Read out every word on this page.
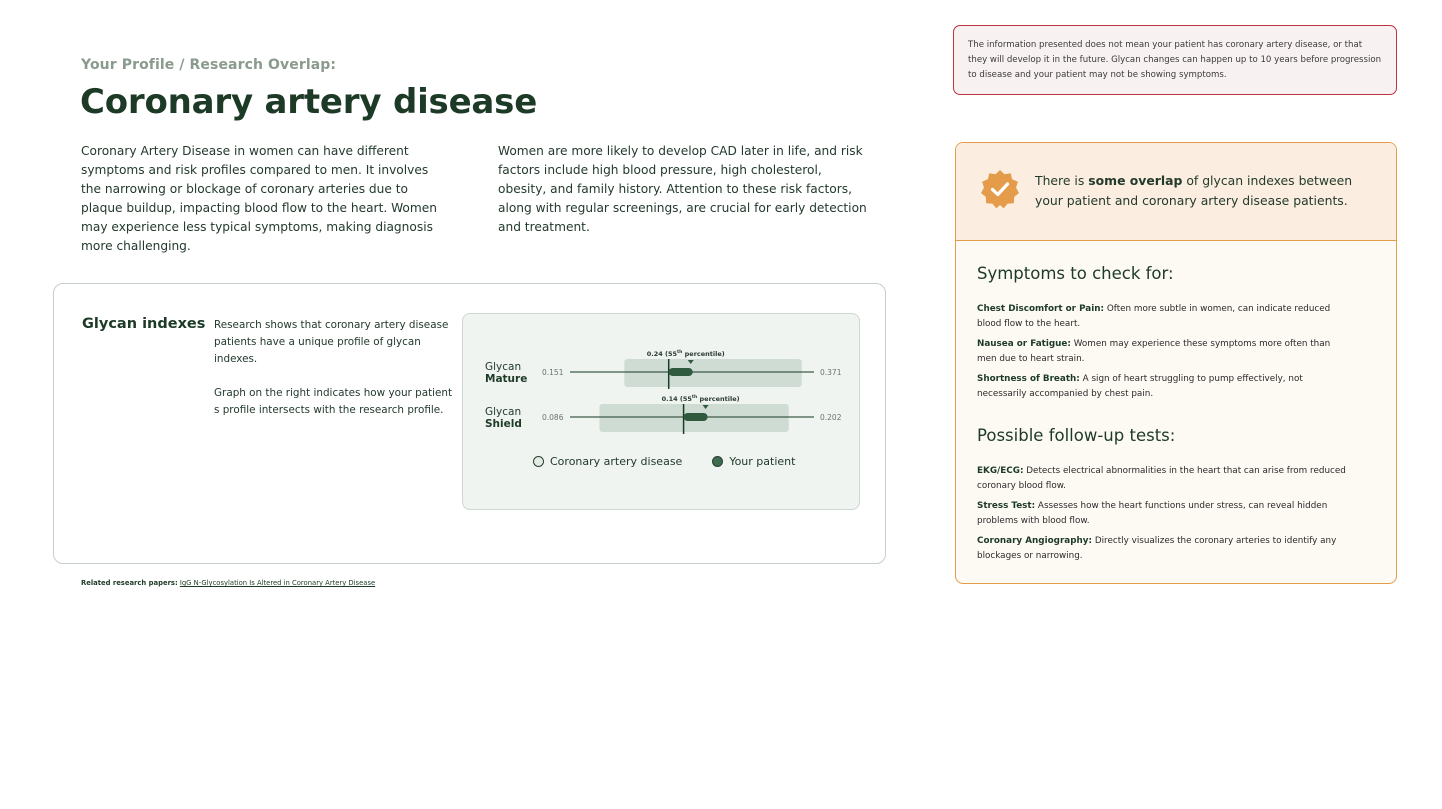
Your Profile / Research Overlap:
Coronary artery disease

Coronary Artery Disease in women can have different symptoms and risk profiles compared to men. It involves the narrowing or blockage of coronary arteries due to plaque buildup, impacting blood flow to the heart. Women may experience less typical symptoms, making diagnosis more challenging.

Women are more likely to develop CAD later in life, and risk factors include high blood pressure, high cholesterol, obesity, and family history. Attention to these risk factors, along with regular screenings, are crucial for early detection and treatment.

Glycan indexes Research shows that coronary artery disease patients have a unique profile of glycan indexes.

Graph on the right indicates how your patient s profile intersects with the research profile.

Glycan
Mature
0.151	0.371
0.24 (55th percentile)
Glycan
Shield
0.086	0.202
0.14 (55th percentile)
Coronary artery disease	Your patient
Related research papers: IgG N-Glycosylation Is Altered in Coronary Artery Disease
The information presented does not mean your patient has coronary artery disease, or that they will develop it in the future. Glycan changes can happen up to 10 years before progression to disease and your patient may not be showing symptoms.
There is some overlap of glycan indexes between your patient and coronary artery disease patients.
Symptoms to check for:
Chest Discomfort or Pain: Often more subtle in women, can indicate reduced blood flow to the heart.
Nausea or Fatigue: Women may experience these symptoms more often than men due to heart strain.
Shortness of Breath: A sign of heart struggling to pump effectively, not necessarily accompanied by chest pain.
Possible follow-up tests:
EKG/ECG: Detects electrical abnormalities in the heart that can arise from reduced coronary blood flow.
Stress Test: Assesses how the heart functions under stress, can reveal hidden problems with blood flow.
Coronary Angiography: Directly visualizes the coronary arteries to identify any blockages or narrowing.
